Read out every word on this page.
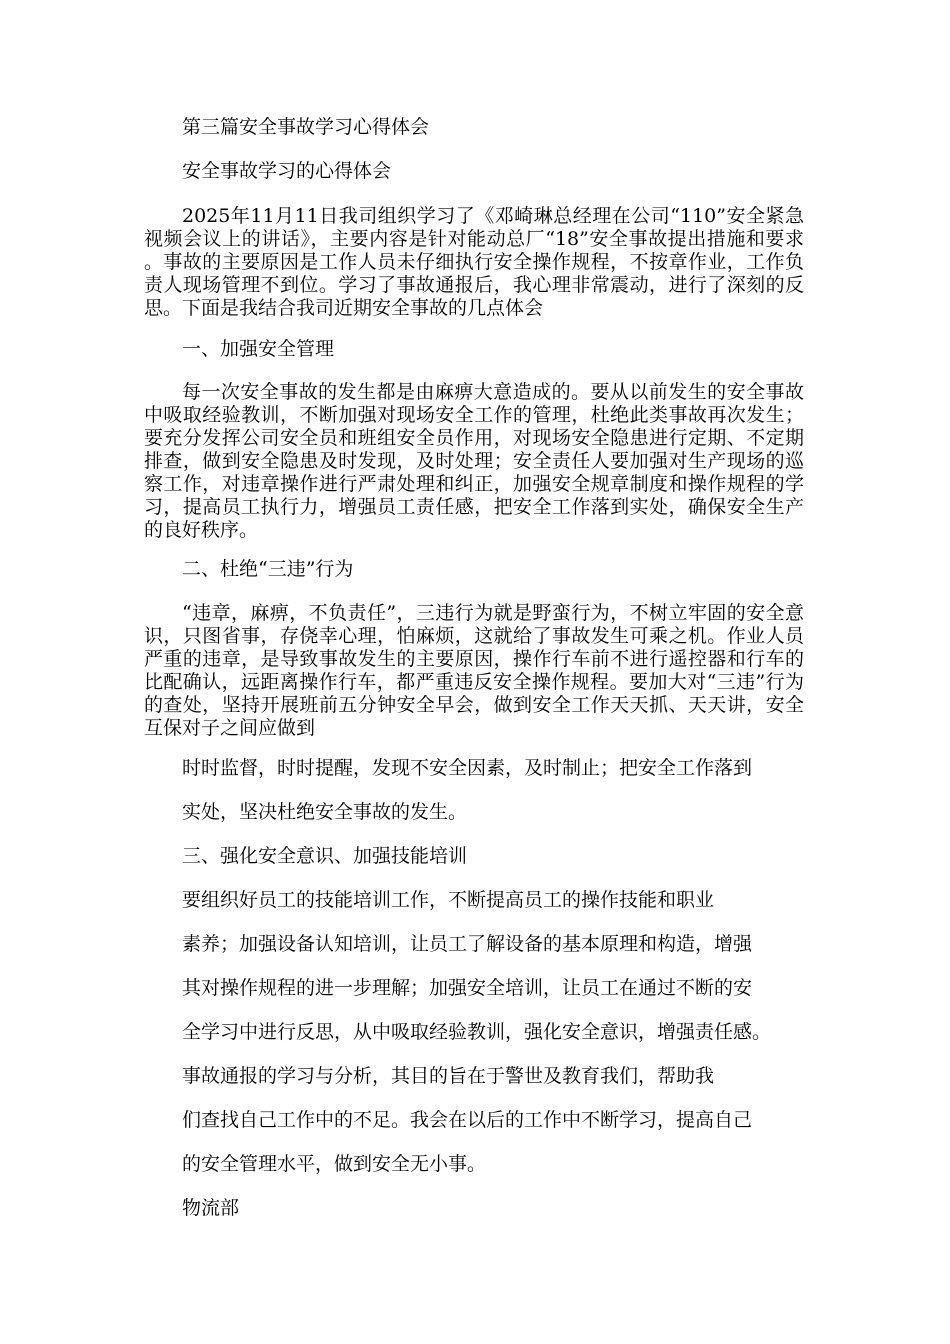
第三篇安全事故学习心得体会
安全事故学习的心得体会
2025年11月11日我司组织学习了《邓崎琳总经理在公司“110”安全紧急视频会议上的讲话》，主要内容是针对能动总厂“18”安全事故提出措施和要求。事故的主要原因是工作人员未仔细执行安全操作规程，不按章作业，工作负责人现场管理不到位。学习了事故通报后，我心理非常震动，进行了深刻的反思。下面是我结合我司近期安全事故的几点体会
一、加强安全管理
每一次安全事故的发生都是由麻痹大意造成的。要从以前发生的安全事故中吸取经验教训，不断加强对现场安全工作的管理，杜绝此类事故再次发生；要充分发挥公司安全员和班组安全员作用，对现场安全隐患进行定期、不定期排查，做到安全隐患及时发现，及时处理；安全责任人要加强对生产现场的巡察工作，对违章操作进行严肃处理和纠正，加强安全规章制度和操作规程的学习，提高员工执行力，增强员工责任感，把安全工作落到实处，确保安全生产的良好秩序。
二、杜绝“三违”行为
“违章，麻痹，不负责任”，三违行为就是野蛮行为，不树立牢固的安全意识，只图省事，存侥幸心理，怕麻烦，这就给了事故发生可乘之机。作业人员严重的违章，是导致事故发生的主要原因，操作行车前不进行遥控器和行车的比配确认，远距离操作行车，都严重违反安全操作规程。要加大对“三违”行为的查处，坚持开展班前五分钟安全早会，做到安全工作天天抓、天天讲，安全互保对子之间应做到
时时监督，时时提醒，发现不安全因素，及时制止；把安全工作落到
实处，坚决杜绝安全事故的发生。
三、强化安全意识、加强技能培训
要组织好员工的技能培训工作，不断提高员工的操作技能和职业
素养；加强设备认知培训，让员工了解设备的基本原理和构造，增强
其对操作规程的进一步理解；加强安全培训，让员工在通过不断的安
全学习中进行反思，从中吸取经验教训，强化安全意识，增强责任感。
事故通报的学习与分析，其目的旨在于警世及教育我们，帮助我
们查找自己工作中的不足。我会在以后的工作中不断学习，提高自己
的安全管理水平，做到安全无小事。
物流部
